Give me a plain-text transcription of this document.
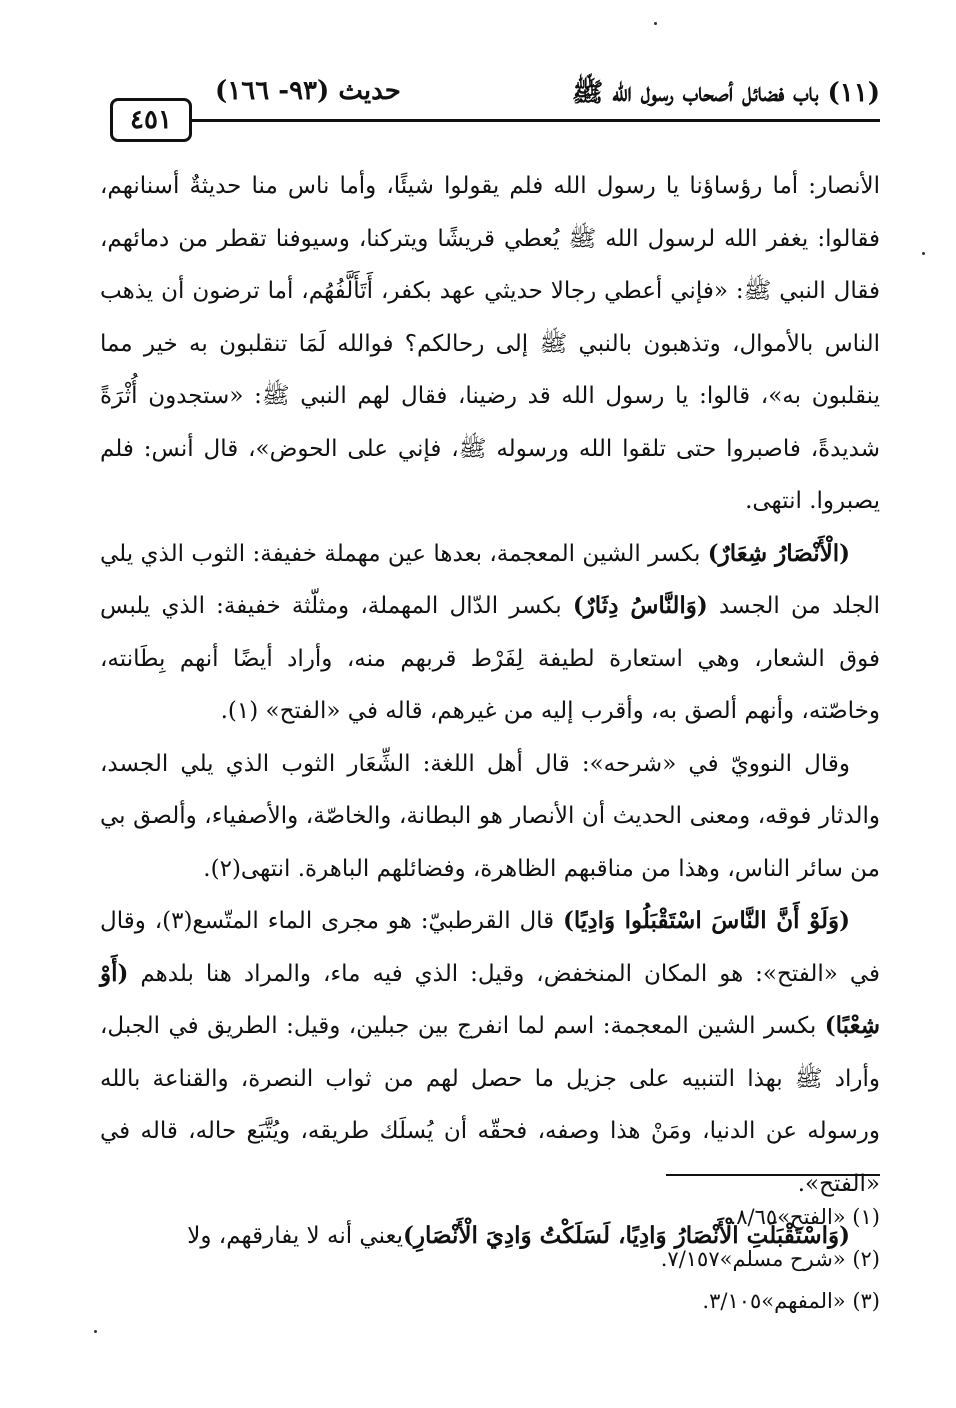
٤٥١
حديث (٩٣- ١٦٦)	(١١) باب فضائل أصحاب رسول الله ﷺ

الأنصار: أما رؤساؤنا يا رسول الله فلم يقولوا شيئًا، وأما ناس منا حديثةٌ أسنانهم، فقالوا: يغفر الله لرسول الله ﷺ يُعطي قريشًا ويتركنا، وسيوفنا تقطر من دمائهم، فقال النبي ﷺ: «فإني أعطي رجالا حديثي عهد بكفر، أَتَأَلَّفُهُم، أما ترضون أن يذهب الناس بالأموال، وتذهبون بالنبي ﷺ إلى رحالكم؟ فوالله لَمَا تنقلبون به خير مما ينقلبون به»، قالوا: يا رسول الله قد رضينا، فقال لهم النبي ﷺ: «ستجدون أُثْرَةً شديدةً، فاصبروا حتى تلقوا الله ورسوله ﷺ، فإني على الحوض»، قال أنس: فلم يصبروا. انتهى.

(الْأَنْصَارُ شِعَارٌ) بكسر الشين المعجمة، بعدها عين مهملة خفيفة: الثوب الذي يلي الجلد من الجسد (وَالنَّاسُ دِثَارٌ) بكسر الدّال المهملة، ومثلّثة خفيفة: الذي يلبس فوق الشعار، وهي استعارة لطيفة لِفَرْط قربهم منه، وأراد أيضًا أنهم بِطَانته، وخاصّته، وأنهم ألصق به، وأقرب إليه من غيرهم، قاله في «الفتح» (١).

وقال النوويّ في «شرحه»: قال أهل اللغة: الشِّعَار الثوب الذي يلي الجسد، والدثار فوقه، ومعنى الحديث أن الأنصار هو البطانة، والخاصّة، والأصفياء، وألصق بي من سائر الناس، وهذا من مناقبهم الظاهرة، وفضائلهم الباهرة. انتهى(٢).

(وَلَوْ أَنَّ النَّاسَ اسْتَقْبَلُوا وَادِيًا) قال القرطبيّ: هو مجرى الماء المتّسع(٣)، وقال في «الفتح»: هو المكان المنخفض، وقيل: الذي فيه ماء، والمراد هنا بلدهم (أَوْ شِعْبًا) بكسر الشين المعجمة: اسم لما انفرج بين جبلين، وقيل: الطريق في الجبل، وأراد ﷺ بهذا التنبيه على جزيل ما حصل لهم من ثواب النصرة، والقناعة بالله ورسوله عن الدنيا، ومَنْ هذا وصفه، فحقّه أن يُسلَك طريقه، ويُتَّبَع حاله، قاله في «الفتح».

(وَاسْتَقْبَلَتِ الْأَنْصَارُ وَادِيًا، لَسَلَكْتُ وَادِيَ الْأَنْصَارِ)يعني أنه لا يفارقهم، ولا

(١) «الفتح»٨/٦٥.
(٢) «شرح مسلم»٧/١٥٧.
(٣) «المفهم»٣/١٠٥.
